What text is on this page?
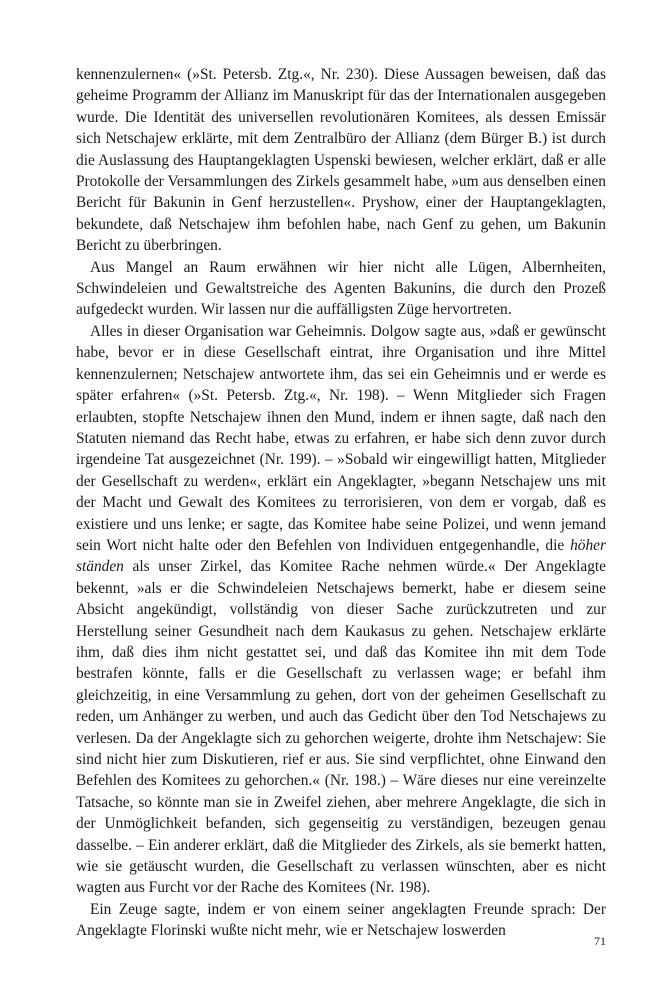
kennenzulernen« (»St. Petersb. Ztg.«, Nr. 230). Diese Aussagen beweisen, daß das geheime Programm der Allianz im Manuskript für das der Internationalen ausgegeben wurde. Die Identität des universellen revolutionären Komitees, als dessen Emissär sich Netschajew erklärte, mit dem Zentralbüro der Allianz (dem Bürger B.) ist durch die Auslassung des Hauptangeklagten Uspenski bewiesen, welcher erklärt, daß er alle Protokolle der Versammlungen des Zirkels gesammelt habe, »um aus denselben einen Bericht für Bakunin in Genf herzustellen«. Pryshow, einer der Hauptangeklagten, bekundete, daß Netschajew ihm befohlen habe, nach Genf zu gehen, um Bakunin Bericht zu überbringen.

Aus Mangel an Raum erwähnen wir hier nicht alle Lügen, Albernheiten, Schwindeleien und Gewaltstreiche des Agenten Bakunins, die durch den Prozeß aufgedeckt wurden. Wir lassen nur die auffälligsten Züge hervortreten.

Alles in dieser Organisation war Geheimnis. Dolgow sagte aus, »daß er gewünscht habe, bevor er in diese Gesellschaft eintrat, ihre Organisation und ihre Mittel kennenzulernen; Netschajew antwortete ihm, das sei ein Geheimnis und er werde es später erfahren« (»St. Petersb. Ztg.«, Nr. 198). – Wenn Mitglieder sich Fragen erlaubten, stopfte Netschajew ihnen den Mund, indem er ihnen sagte, daß nach den Statuten niemand das Recht habe, etwas zu erfahren, er habe sich denn zuvor durch irgendeine Tat ausgezeichnet (Nr. 199). – »Sobald wir eingewilligt hatten, Mitglieder der Gesellschaft zu werden«, erklärt ein Angeklagter, »begann Netschajew uns mit der Macht und Gewalt des Komitees zu terrorisieren, von dem er vorgab, daß es existiere und uns lenke; er sagte, das Komitee habe seine Polizei, und wenn jemand sein Wort nicht halte oder den Befehlen von Individuen entgegenhandle, die höher ständen als unser Zirkel, das Komitee Rache nehmen würde.« Der Angeklagte bekennt, »als er die Schwindeleien Netschajews bemerkt, habe er diesem seine Absicht angekündigt, vollständig von dieser Sache zurückzutreten und zur Herstellung seiner Gesundheit nach dem Kaukasus zu gehen. Netschajew erklärte ihm, daß dies ihm nicht gestattet sei, und daß das Komitee ihn mit dem Tode bestrafen könnte, falls er die Gesellschaft zu verlassen wage; er befahl ihm gleichzeitig, in eine Versammlung zu gehen, dort von der geheimen Gesellschaft zu reden, um Anhänger zu werben, und auch das Gedicht über den Tod Netschajews zu verlesen. Da der Angeklagte sich zu gehorchen weigerte, drohte ihm Netschajew: Sie sind nicht hier zum Diskutieren, rief er aus. Sie sind verpflichtet, ohne Einwand den Befehlen des Komitees zu gehorchen.« (Nr. 198.) – Wäre dieses nur eine vereinzelte Tatsache, so könnte man sie in Zweifel ziehen, aber mehrere Angeklagte, die sich in der Unmöglichkeit befanden, sich gegenseitig zu verständigen, bezeugen genau dasselbe. – Ein anderer erklärt, daß die Mitglieder des Zirkels, als sie bemerkt hatten, wie sie getäuscht wurden, die Gesellschaft zu verlassen wünschten, aber es nicht wagten aus Furcht vor der Rache des Komitees (Nr. 198).

Ein Zeuge sagte, indem er von einem seiner angeklagten Freunde sprach: Der Angeklagte Florinski wußte nicht mehr, wie er Netschajew loswerden

71
